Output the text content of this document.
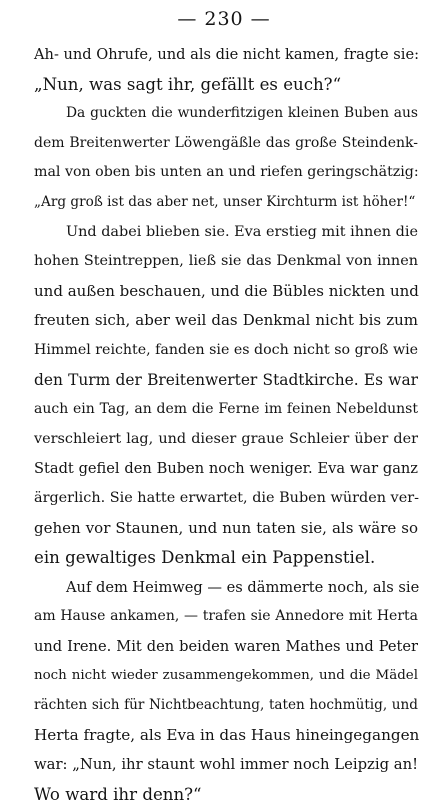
— 230 —
Ah- und Ohrufe, und als die nicht kamen, fragte sie:
„Nun, was sagt ihr, gefällt es euch?“
Da guckten die wunderfitzigen kleinen Buben aus
dem Breitenwerter Löwengäßle das große Steindenk-
mal von oben bis unten an und riefen geringschätzig:
„Arg groß ist das aber net, unser Kirchturm ist höher!“
Und dabei blieben sie. Eva erstieg mit ihnen die
hohen Steintreppen, ließ sie das Denkmal von innen
und außen beschauen, und die Bübles nickten und
freuten sich, aber weil das Denkmal nicht bis zum
Himmel reichte, fanden sie es doch nicht so groß wie
den Turm der Breitenwerter Stadtkirche. Es war
auch ein Tag, an dem die Ferne im feinen Nebeldunst
verschleiert lag, und dieser graue Schleier über der
Stadt gefiel den Buben noch weniger. Eva war ganz
ärgerlich. Sie hatte erwartet, die Buben würden ver-
gehen vor Staunen, und nun taten sie, als wäre so
ein gewaltiges Denkmal ein Pappenstiel.
Auf dem Heimweg — es dämmerte noch, als sie
am Hause ankamen, — trafen sie Annedore mit Herta
und Irene. Mit den beiden waren Mathes und Peter
noch nicht wieder zusammengekommen, und die Mädel
rächten sich für Nichtbeachtung, taten hochmütig, und
Herta fragte, als Eva in das Haus hineingegangen
war: „Nun, ihr staunt wohl immer noch Leipzig an!
Wo ward ihr denn?“
